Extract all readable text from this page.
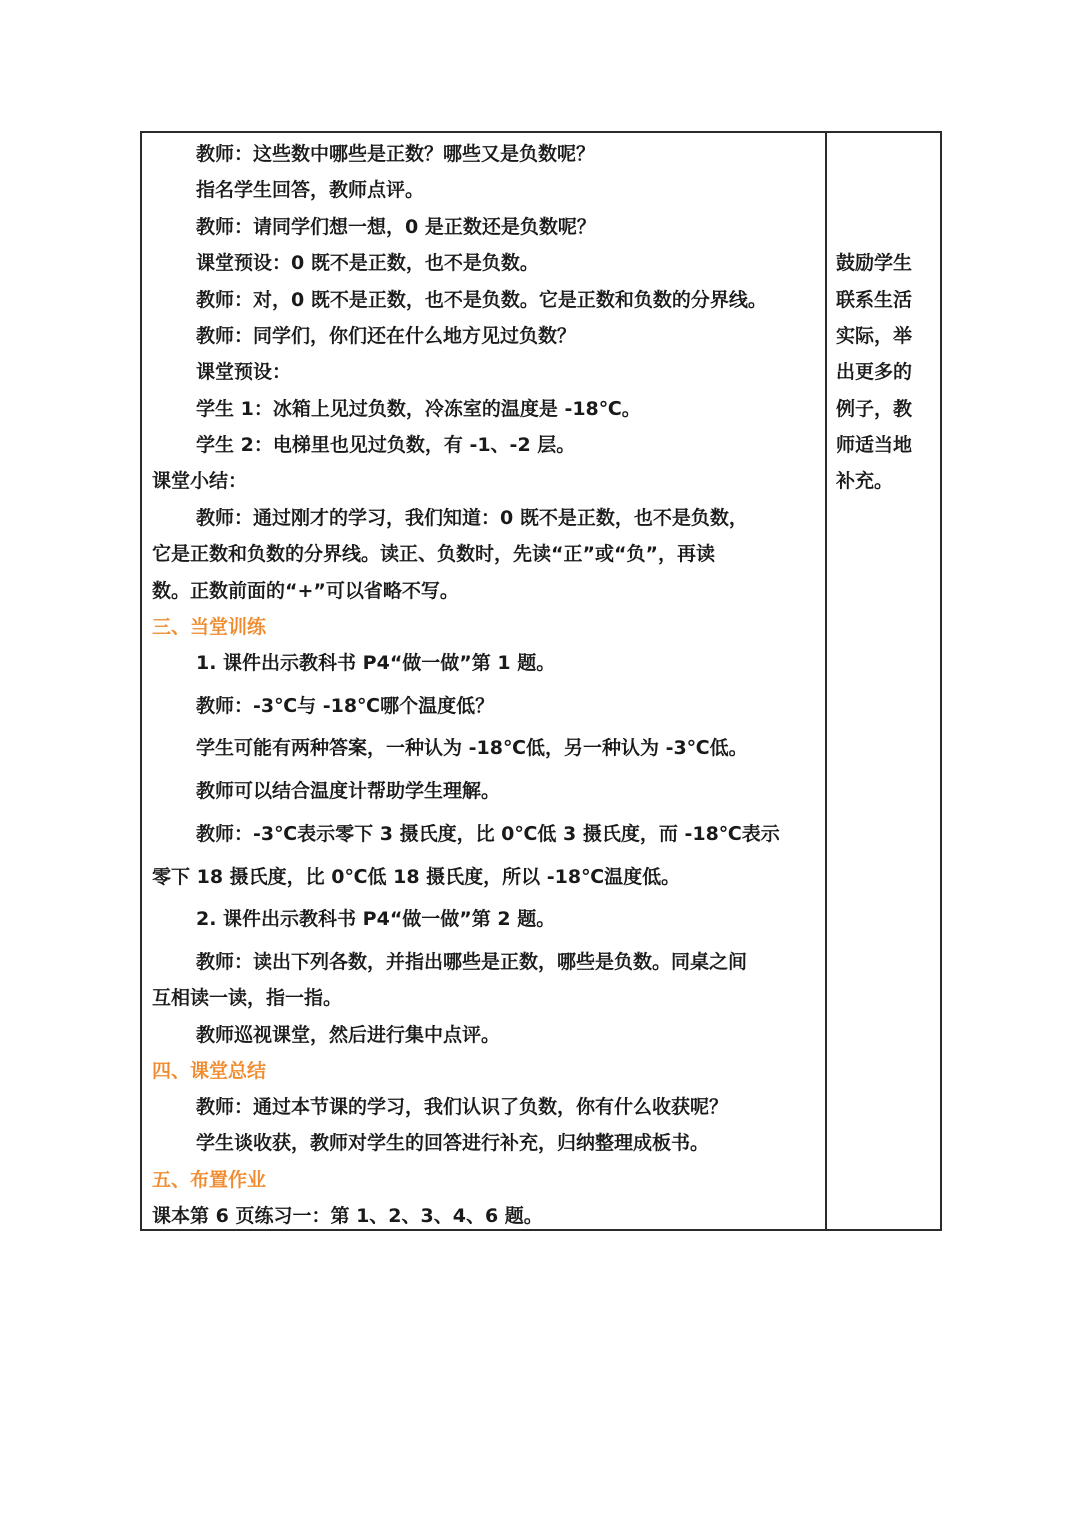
教师：这些数中哪些是正数？哪些又是负数呢？
指名学生回答，教师点评。
教师：请同学们想一想，0 是正数还是负数呢？
课堂预设：0 既不是正数，也不是负数。
教师：对，0 既不是正数，也不是负数。它是正数和负数的分界线。
教师：同学们，你们还在什么地方见过负数？
课堂预设：
学生 1：冰箱上见过负数，冷冻室的温度是 -18℃。
学生 2：电梯里也见过负数，有 -1、-2 层。
课堂小结：
教师：通过刚才的学习，我们知道：0 既不是正数，也不是负数，
它是正数和负数的分界线。读正、负数时，先读“正”或“负”，再读
数。正数前面的“+”可以省略不写。
三、当堂训练
1. 课件出示教科书 P4“做一做”第 1 题。
教师：-3℃与 -18℃哪个温度低？
学生可能有两种答案，一种认为 -18℃低，另一种认为 -3℃低。
教师可以结合温度计帮助学生理解。
教师：-3℃表示零下 3 摄氏度，比 0℃低 3 摄氏度，而 -18℃表示
零下 18 摄氏度，比 0℃低 18 摄氏度，所以 -18℃温度低。
2. 课件出示教科书 P4“做一做”第 2 题。
教师：读出下列各数，并指出哪些是正数，哪些是负数。同桌之间
互相读一读，指一指。
教师巡视课堂，然后进行集中点评。
四、课堂总结
教师：通过本节课的学习，我们认识了负数，你有什么收获呢？
学生谈收获，教师对学生的回答进行补充，归纳整理成板书。
五、布置作业
课本第 6 页练习一：第 1、2、3、4、6 题。
鼓励学生
联系生活
实际，举
出更多的
例子，教
师适当地
补充。
